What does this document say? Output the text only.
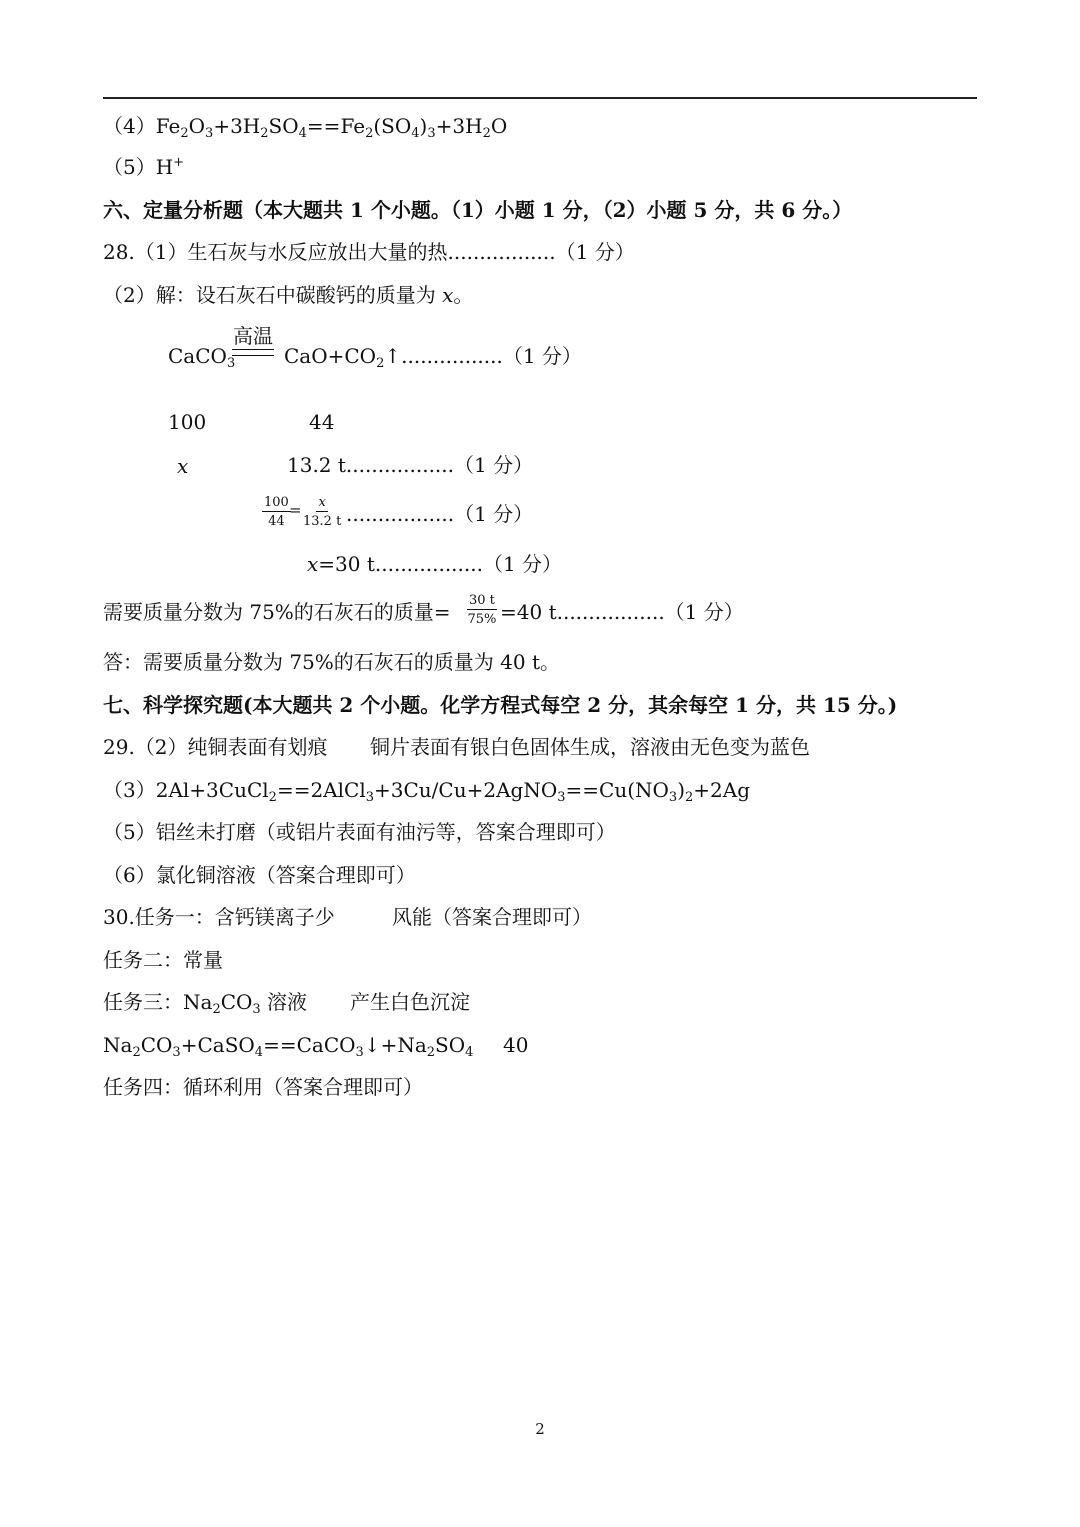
$(4)Fe_2O_3+3H_2SO_4==Fe_2(SO_4)_3+3H_2O$
（5）H+
六、定量分析题（本大题共 1 个小题。（1）小题 1 分，（2）小题 5 分，共 6 分。）
28.（1）生石灰与水反应放出大量的热.................（1 分）
（2）解：设石灰石中碳酸钙的质量为 x。
CaCO$_3$
高温
$CaO+CO_2↑................(1$ 分）
100	44
x	13.2 t.................（1 分）
$\frac{100}{44}$
= $\frac{x}{13.2 t} .................(1$ 分）
x=30 t.................（1 分）
需要质量分数为 75%的石灰石的质量= $\frac{30 t}{75\%} =40$ t.................（1 分）
答：需要质量分数为 75%的石灰石的质量为 40 t。
七、科学探究题(本大题共 2 个小题。化学方程式每空 2 分，其余每空 1 分，共 15 分。)
29.（2）纯铜表面有划痕 铜片表面有银白色固体生成，溶液由无色变为蓝色
$(3)2Al+3CuCl_2==2AlCl_3+3Cu/Cu+2AgNO_3==Cu(NO_3)_2+2Ag$
（5）铝丝未打磨（或铝片表面有油污等，答案合理即可）
（6）氯化铜溶液（答案合理即可）
30.任务一：含钙镁离子少	风能（答案合理即可）
任务二：常量
任务三：$Na_2CO_3$ 溶液 产生白色沉淀
$Na_2CO_3+CaSO_4==CaCO_3↓+Na_2SO_4$ 40
任务四：循环利用（答案合理即可）
2
